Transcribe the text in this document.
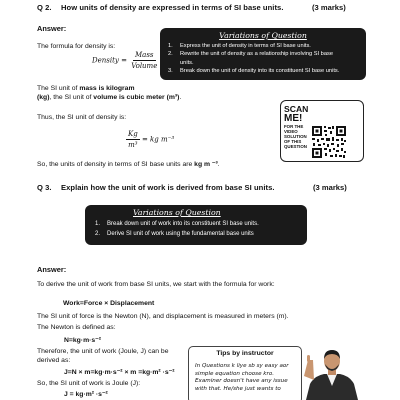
Q 2. How units of density are expressed in terms of SI base units.	(3 marks)
Answer:
The formula for density is:
Density = $\frac{\text{Mass}}{\text{Volume}}$
The SI unit of mass is kilogram
(kg), the SI unit of volume is cubic meter (m³).
Thus, the SI unit of density is:
$\frac{Kg}{\text{m³}}$ = kg m⁻³
So, the units of density in terms of SI base units are kg m ⁻³.
Variations of Question
1.	Express the unit of density in terms of SI base units.
2.	Rewrite the unit of density as a relationship involving SI base
units.
3.	Break down the unit of density into its constituent SI base units.
SCAN
ME!
FOR THE
VIDEO
SOLUTION
OF THIS
QUESTION
Q 3. Explain how the unit of work is derived from base SI units.	(3 marks)
Variations of Question
1.	Break down unit of work into its constituent SI base units.
2.	Derive SI unit of work using the fundamental base units
Answer:
To derive the unit of work from base SI units, we start with the formula for work:
Work=Force × Displacement
The SI unit of force is the Newton (N), and displacement is measured in meters (m).
The Newton is defined as:
N=kg·m·s⁻²
Therefore, the unit of work (Joule, J) can be
derived as:
J=N × m=kg·m·s⁻² × m =kg·m² ·s⁻²
So, the SI unit of work is Joule (J):
J = kg·m² ·s⁻²
Tips by instructor
In Questions k liye sb sy easy aor
simple equation choose kro.
Examiner doesn't have any issue
with that. He/she just wants to
